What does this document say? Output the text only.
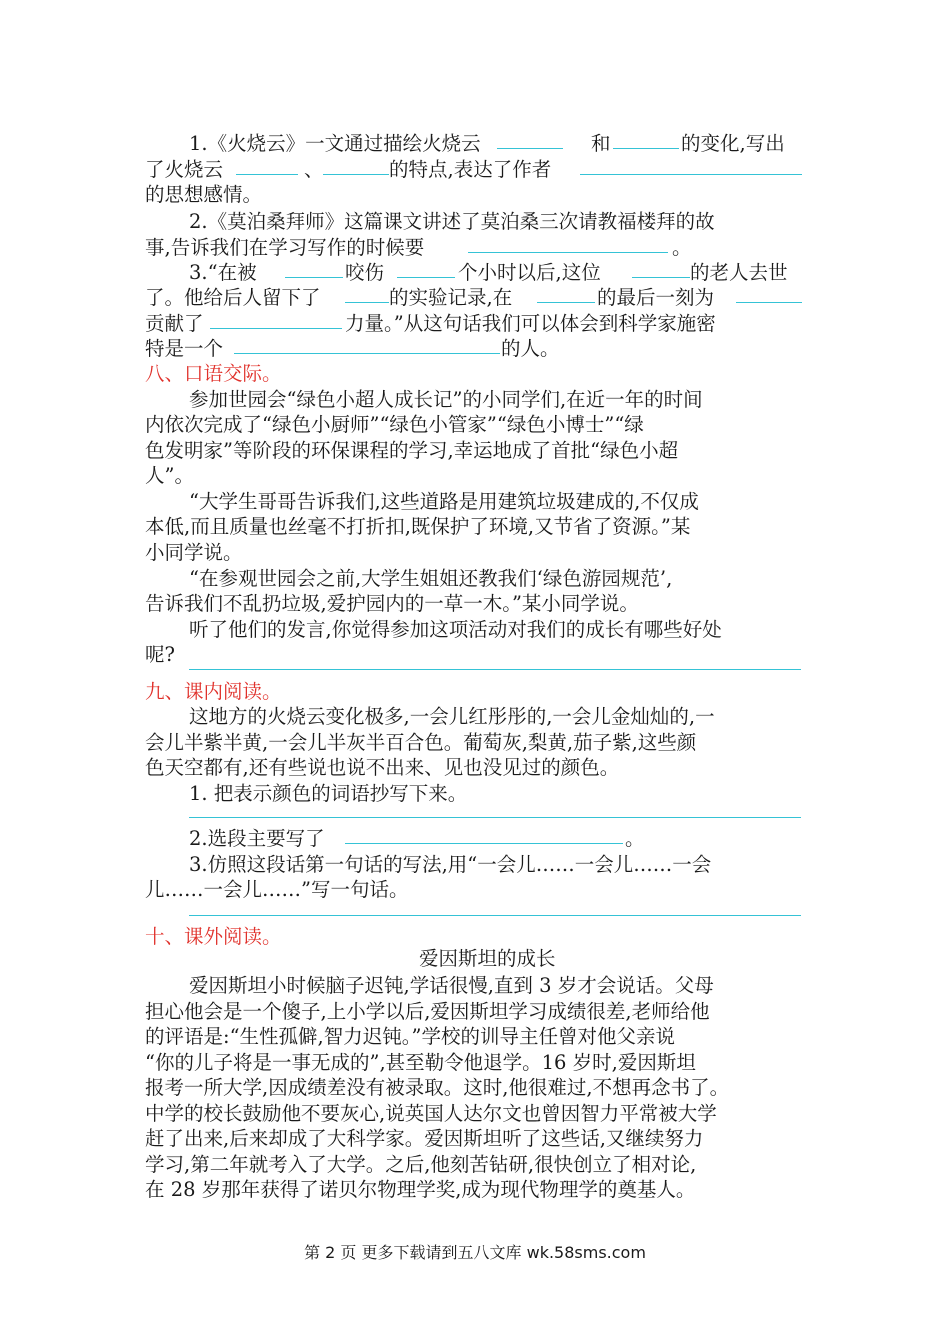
1.《火烧云》一文通过描绘火烧云	和	的变化,写出
了火烧云	、	的特点,表达了作者
的思想感情。
2.《莫泊桑拜师》这篇课文讲述了莫泊桑三次请教福楼拜的故
事,告诉我们在学习写作的时候要	。
3.“在被	咬伤	个小时以后,这位	的老人去世
了。他给后人留下了	的实验记录,在	的最后一刻为
贡献了	力量。”从这句话我们可以体会到科学家施密
特是一个	的人。
八、口语交际。
参加世园会“绿色小超人成长记”的小同学们,在近一年的时间
内依次完成了“绿色小厨师”“绿色小管家”“绿色小博士”“绿
色发明家”等阶段的环保课程的学习,幸运地成了首批“绿色小超
人”。
“大学生哥哥告诉我们,这些道路是用建筑垃圾建成的,不仅成
本低,而且质量也丝毫不打折扣,既保护了环境,又节省了资源。”某
小同学说。
“在参观世园会之前,大学生姐姐还教我们‘绿色游园规范’,
告诉我们不乱扔垃圾,爱护园内的一草一木。”某小同学说。
听了他们的发言,你觉得参加这项活动对我们的成长有哪些好处
呢?
九、课内阅读。
这地方的火烧云变化极多,一会儿红彤彤的,一会儿金灿灿的,一
会儿半紫半黄,一会儿半灰半百合色。葡萄灰,梨黄,茄子紫,这些颜
色天空都有,还有些说也说不出来、见也没见过的颜色。
1. 把表示颜色的词语抄写下来。
2.选段主要写了	。
3.仿照这段话第一句话的写法,用“一会儿……一会儿……一会
儿……一会儿……”写一句话。
十、课外阅读。
爱因斯坦的成长
爱因斯坦小时候脑子迟钝,学话很慢,直到 3 岁才会说话。父母
担心他会是一个傻子,上小学以后,爱因斯坦学习成绩很差,老师给他
的评语是:“生性孤僻,智力迟钝。”学校的训导主任曾对他父亲说
“你的儿子将是一事无成的”,甚至勒令他退学。16 岁时,爱因斯坦
报考一所大学,因成绩差没有被录取。这时,他很难过,不想再念书了。
中学的校长鼓励他不要灰心,说英国人达尔文也曾因智力平常被大学
赶了出来,后来却成了大科学家。爱因斯坦听了这些话,又继续努力
学习,第二年就考入了大学。之后,他刻苦钻研,很快创立了相对论,
在 28 岁那年获得了诺贝尔物理学奖,成为现代物理学的奠基人。
第 2 页 更多下载请到五八文库 wk.58sms.com
